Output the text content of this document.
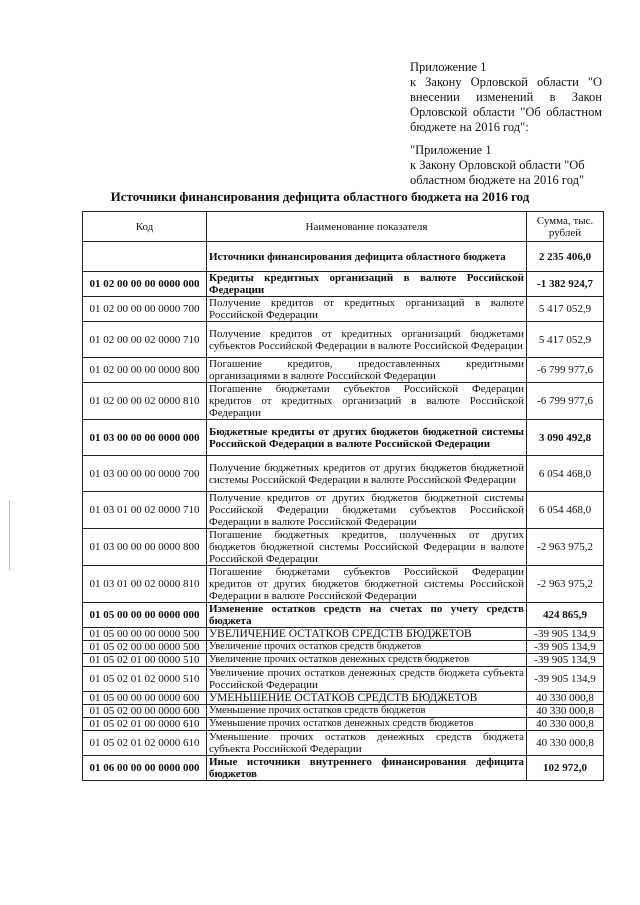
Приложение 1

к Закону Орловской области "О внесении изменений в Закон Орловской области "Об областном бюджете на 2016 год":

"Приложение 1

к Закону Орловской области "Об областном бюджете на 2016 год"

Источники финансирования дефицита областного бюджета на 2016 год
Код	Наименование показателя	Сумма, тыс. рублей
	Источники финансирования дефицита областного бюджета	2 235 406,0
01 02 00 00 00 0000 000	Кредиты кредитных организаций в валюте Российской Федерации	-1 382 924,7
01 02 00 00 00 0000 700	Получение кредитов от кредитных организаций в валюте Российской Федерации	5 417 052,9
01 02 00 00 02 0000 710	Получение кредитов от кредитных организаций бюджетами субъектов Российской Федерации в валюте Российской Федерации	5 417 052,9
01 02 00 00 00 0000 800	Погашение кредитов, предоставленных кредитными организациями в валюте Российской Федерации	-6 799 977,6
01 02 00 00 02 0000 810	Погашение бюджетами субъектов Российской Федерации кредитов от кредитных организаций в валюте Российской Федерации	-6 799 977,6
01 03 00 00 00 0000 000	Бюджетные кредиты от других бюджетов бюджетной системы Российской Федерации в валюте Российской Федерации	3 090 492,8
01 03 00 00 00 0000 700	Получение бюджетных кредитов от других бюджетов бюджетной системы Российской Федерации в валюте Российской Федерации	6 054 468,0
01 03 01 00 02 0000 710	Получение кредитов от других бюджетов бюджетной системы Российской Федерации бюджетами субъектов Российской Федерации в валюте Российской Федерации	6 054 468,0
01 03 00 00 00 0000 800	Погашение бюджетных кредитов, полученных от других бюджетов бюджетной системы Российской Федерации в валюте Российской Федерации	-2 963 975,2
01 03 01 00 02 0000 810	Погашение бюджетами субъектов Российской Федерации кредитов от других бюджетов бюджетной системы Российской Федерации в валюте Российской Федерации	-2 963 975,2
01 05 00 00 00 0000 000	Изменение остатков средств на счетах по учету средств бюджета	424 865,9
01 05 00 00 00 0000 500	УВЕЛИЧЕНИЕ ОСТАТКОВ СРЕДСТВ БЮДЖЕТОВ	-39 905 134,9
01 05 02 00 00 0000 500	Увеличение прочих остатков средств бюджетов	-39 905 134,9
01 05 02 01 00 0000 510	Увеличение прочих остатков денежных средств бюджетов	-39 905 134,9
01 05 02 01 02 0000 510	Увеличение прочих остатков денежных средств бюджета субъекта Российской Федерации	-39 905 134,9
01 05 00 00 00 0000 600	УМЕНЬШЕНИЕ ОСТАТКОВ СРЕДСТВ БЮДЖЕТОВ	40 330 000,8
01 05 02 00 00 0000 600	Уменьшение прочих остатков средств бюджетов	40 330 000,8
01 05 02 01 00 0000 610	Уменьшение прочих остатков денежных средств бюджетов	40 330 000,8
01 05 02 01 02 0000 610	Уменьшение прочих остатков денежных средств бюджета субъекта Российской Федерации	40 330 000,8
01 06 00 00 00 0000 000	Иные источники внутреннего финансирования дефицита бюджетов	102 972,0
